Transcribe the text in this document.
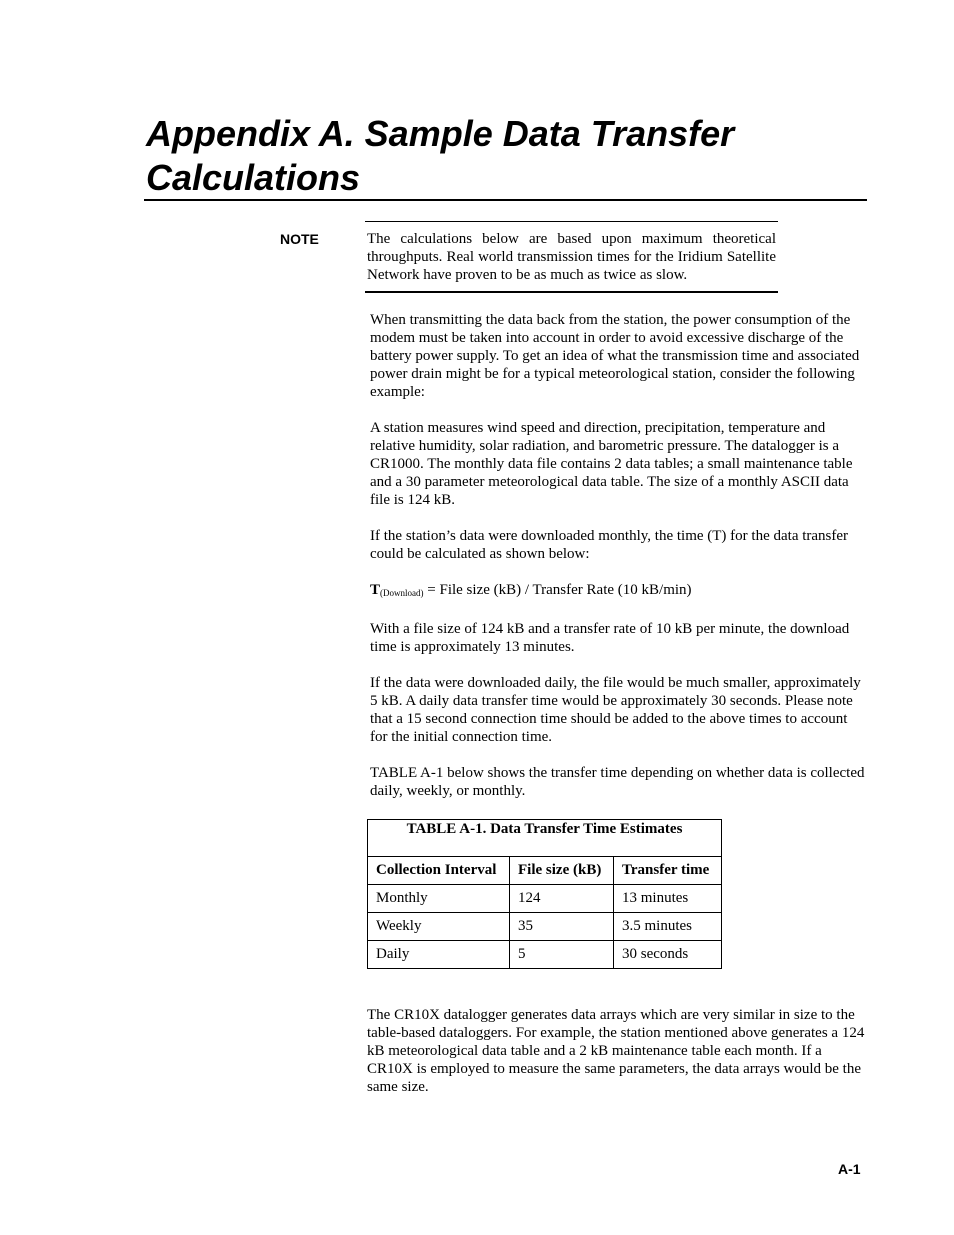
Appendix A. Sample Data Transfer
Calculations
NOTE	The calculations below are based upon maximum theoretical throughputs. Real world transmission times for the Iridium Satellite Network have proven to be as much as twice as slow.

When transmitting the data back from the station, the power consumption of the modem must be taken into account in order to avoid excessive discharge of the battery power supply. To get an idea of what the transmission time and associated power drain might be for a typical meteorological station, consider the following example:

A station measures wind speed and direction, precipitation, temperature and relative humidity, solar radiation, and barometric pressure. The datalogger is a CR1000. The monthly data file contains 2 data tables; a small maintenance table and a 30 parameter meteorological data table. The size of a monthly ASCII data file is 124 kB.

If the station’s data were downloaded monthly, the time (T) for the data transfer could be calculated as shown below:

$T_{(Download)}$ = File size (kB) / Transfer Rate (10 kB/min)

With a file size of 124 kB and a transfer rate of 10 kB per minute, the download time is approximately 13 minutes.

If the data were downloaded daily, the file would be much smaller, approximately 5 kB. A daily data transfer time would be approximately 30 seconds. Please note that a 15 second connection time should be added to the above times to account for the initial connection time.

TABLE A-1 below shows the transfer time depending on whether data is collected daily, weekly, or monthly.

TABLE A-1. Data Transfer Time Estimates		
Collection Interval	File size (kB)	Transfer time
Monthly	124	13 minutes
Weekly	35	3.5 minutes
Daily	5	30 seconds

The CR10X datalogger generates data arrays which are very similar in size to the table-based dataloggers. For example, the station mentioned above generates a 124 kB meteorological data table and a 2 kB maintenance table each month. If a CR10X is employed to measure the same parameters, the data arrays would be the same size.

A-1
